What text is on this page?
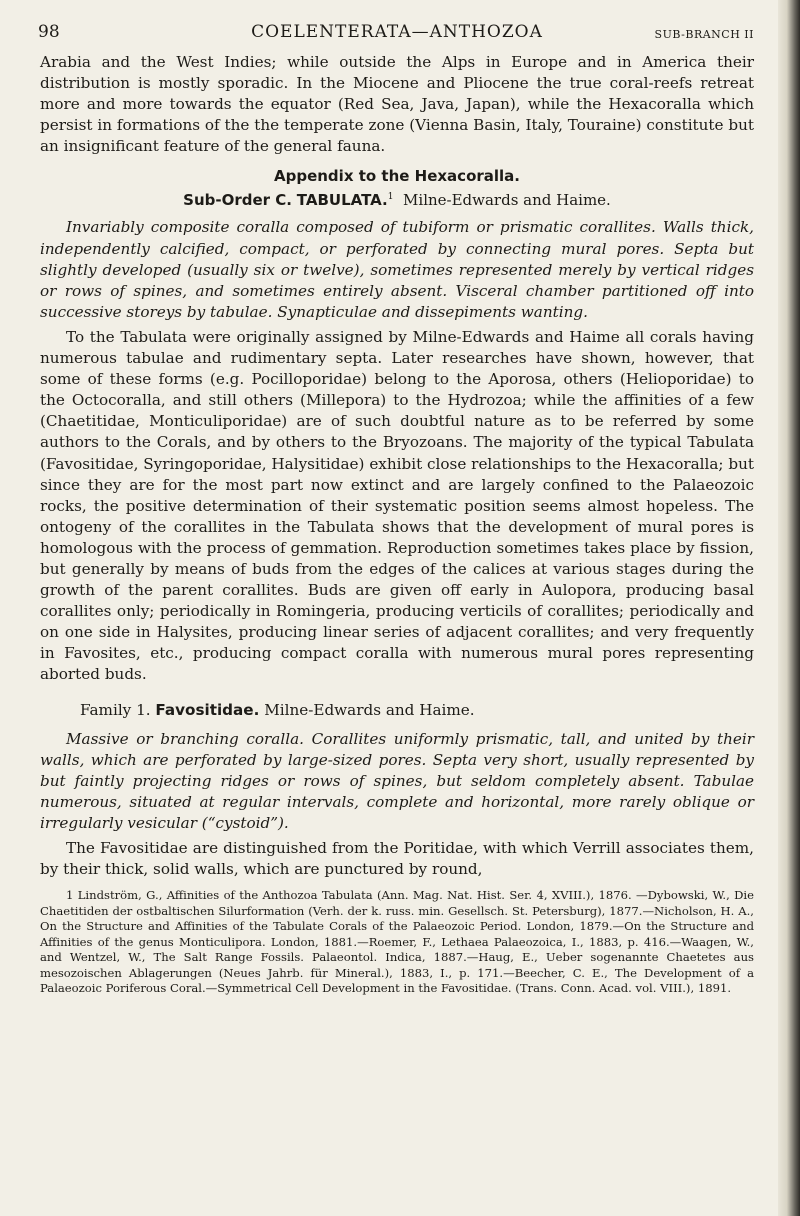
98	COELENTERATA—ANTHOZOA	SUB-BRANCH II

Arabia and the West Indies; while outside the Alps in Europe and in America their distribution is mostly sporadic. In the Miocene and Pliocene the true coral-reefs retreat more and more towards the equator (Red Sea, Java, Japan), while the Hexacoralla which persist in formations of the the temperate zone (Vienna Basin, Italy, Touraine) constitute but an insignificant feature of the general fauna.

Appendix to the Hexacoralla.
Sub-Order C. TABULATA.$^1$ Milne-Edwards and Haime.

Invariably composite coralla composed of tubiform or prismatic corallites. Walls thick, independently calcified, compact, or perforated by connecting mural pores. Septa but slightly developed (usually six or twelve), sometimes represented merely by vertical ridges or rows of spines, and sometimes entirely absent. Visceral chamber partitioned off into successive storeys by tabulae. Synapticulae and dissepiments wanting.

To the Tabulata were originally assigned by Milne-Edwards and Haime all corals having numerous tabulae and rudimentary septa. Later researches have shown, however, that some of these forms (e.g. Pocilloporidae) belong to the Aporosa, others (Helioporidae) to the Octocoralla, and still others (Millepora) to the Hydrozoa; while the affinities of a few (Chaetitidae, Monticuliporidae) are of such doubtful nature as to be referred by some authors to the Corals, and by others to the Bryozoans. The majority of the typical Tabulata (Favositidae, Syringoporidae, Halysitidae) exhibit close relationships to the Hexacoralla; but since they are for the most part now extinct and are largely confined to the Palaeozoic rocks, the positive determination of their systematic position seems almost hopeless. The ontogeny of the corallites in the Tabulata shows that the development of mural pores is homologous with the process of gemmation. Reproduction sometimes takes place by fission, but generally by means of buds from the edges of the calices at various stages during the growth of the parent corallites. Buds are given off early in Aulopora, producing basal corallites only; periodically in Romingeria, producing verticils of corallites; periodically and on one side in Halysites, producing linear series of adjacent corallites; and very frequently in Favosites, etc., producing compact coralla with numerous mural pores representing aborted buds.

Family 1. Favositidae. Milne-Edwards and Haime.

Massive or branching coralla. Corallites uniformly prismatic, tall, and united by their walls, which are perforated by large-sized pores. Septa very short, usually represented by but faintly projecting ridges or rows of spines, but seldom completely absent. Tabulae numerous, situated at regular intervals, complete and horizontal, more rarely oblique or irregularly vesicular (“cystoid”).

The Favositidae are distinguished from the Poritidae, with which Verrill associates them, by their thick, solid walls, which are punctured by round,

1 Lindström, G., Affinities of the Anthozoa Tabulata (Ann. Mag. Nat. Hist. Ser. 4, XVIII.), 1876. —Dybowski, W., Die Chaetitiden der ostbaltischen Silurformation (Verh. der k. russ. min. Gesellsch. St. Petersburg), 1877.—Nicholson, H. A., On the Structure and Affinities of the Tabulate Corals of the Palaeozoic Period. London, 1879.—On the Structure and Affinities of the genus Monticulipora. London, 1881.—Roemer, F., Lethaea Palaeozoica, I., 1883, p. 416.—Waagen, W., and Wentzel, W., The Salt Range Fossils. Palaeontol. Indica, 1887.—Haug, E., Ueber sogenannte Chaetetes aus mesozoischen Ablagerungen (Neues Jahrb. für Mineral.), 1883, I., p. 171.—Beecher, C. E., The Development of a Palaeozoic Poriferous Coral.—Symmetrical Cell Development in the Favositidae. (Trans. Conn. Acad. vol. VIII.), 1891.
